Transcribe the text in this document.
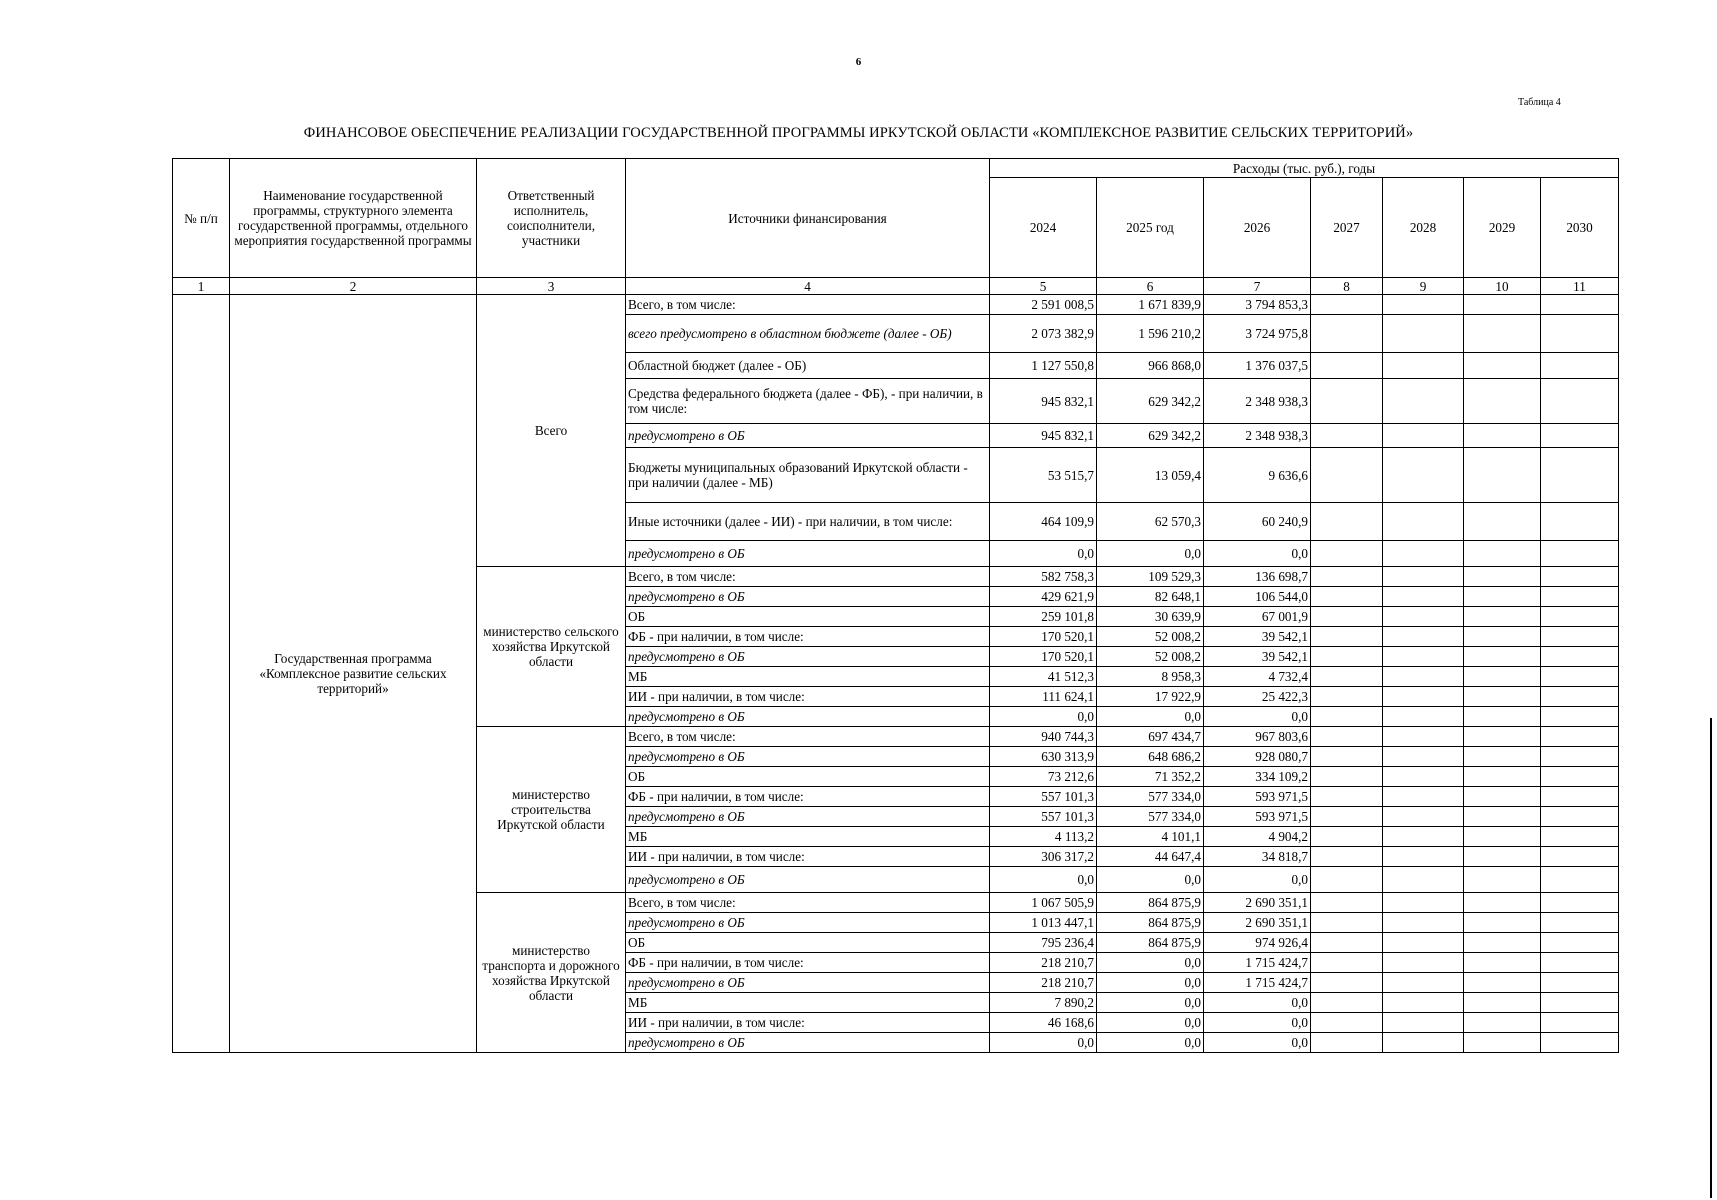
6
Таблица 4
ФИНАНСОВОЕ ОБЕСПЕЧЕНИЕ РЕАЛИЗАЦИИ ГОСУДАРСТВЕННОЙ ПРОГРАММЫ ИРКУТСКОЙ ОБЛАСТИ «КОМПЛЕКСНОЕ РАЗВИТИЕ СЕЛЬСКИХ ТЕРРИТОРИЙ»
№ п/п	Наименование государственной программы, структурного элемента государственной программы, отдельного мероприятия государственной программы	Ответственный исполнитель, соисполнители, участники	Источники финансирования	Расходы (тыс. руб.), годы						
				2024	2025 год	2026	2027	2028	2029	2030
1	2	3	4	5	6	7	8	9	10	11
	Государственная программа «Комплексное развитие сельских территорий»	Всего	Всего, в том числе:	2 591 008,5	1 671 839,9	3 794 853,3				
			всего предусмотрено в областном бюджете (далее - ОБ)	2 073 382,9	1 596 210,2	3 724 975,8				
			Областной бюджет (далее - ОБ)	1 127 550,8	966 868,0	1 376 037,5				
			Средства федерального бюджета (далее - ФБ), - при наличии, в том числе:	945 832,1	629 342,2	2 348 938,3				
			предусмотрено в ОБ	945 832,1	629 342,2	2 348 938,3				
			Бюджеты муниципальных образований Иркутской области - при наличии (далее - МБ)	53 515,7	13 059,4	9 636,6				
			Иные источники (далее - ИИ) - при наличии, в том числе:	464 109,9	62 570,3	60 240,9				
			предусмотрено в ОБ	0,0	0,0	0,0				
		министерство сельского хозяйства Иркутской области	Всего, в том числе:	582 758,3	109 529,3	136 698,7				
			предусмотрено в ОБ	429 621,9	82 648,1	106 544,0				
			ОБ	259 101,8	30 639,9	67 001,9				
			ФБ - при наличии, в том числе:	170 520,1	52 008,2	39 542,1				
			предусмотрено в ОБ	170 520,1	52 008,2	39 542,1				
			МБ	41 512,3	8 958,3	4 732,4				
			ИИ - при наличии, в том числе:	111 624,1	17 922,9	25 422,3				
			предусмотрено в ОБ	0,0	0,0	0,0				
		министерство строительства Иркутской области	Всего, в том числе:	940 744,3	697 434,7	967 803,6				
			предусмотрено в ОБ	630 313,9	648 686,2	928 080,7				
			ОБ	73 212,6	71 352,2	334 109,2				
			ФБ - при наличии, в том числе:	557 101,3	577 334,0	593 971,5				
			предусмотрено в ОБ	557 101,3	577 334,0	593 971,5				
			МБ	4 113,2	4 101,1	4 904,2				
			ИИ - при наличии, в том числе:	306 317,2	44 647,4	34 818,7				
			предусмотрено в ОБ	0,0	0,0	0,0				
		министерство транспорта и дорожного хозяйства Иркутской области	Всего, в том числе:	1 067 505,9	864 875,9	2 690 351,1				
			предусмотрено в ОБ	1 013 447,1	864 875,9	2 690 351,1				
			ОБ	795 236,4	864 875,9	974 926,4				
			ФБ - при наличии, в том числе:	218 210,7	0,0	1 715 424,7				
			предусмотрено в ОБ	218 210,7	0,0	1 715 424,7				
			МБ	7 890,2	0,0	0,0				
			ИИ - при наличии, в том числе:	46 168,6	0,0	0,0				
			предусмотрено в ОБ	0,0	0,0	0,0				
